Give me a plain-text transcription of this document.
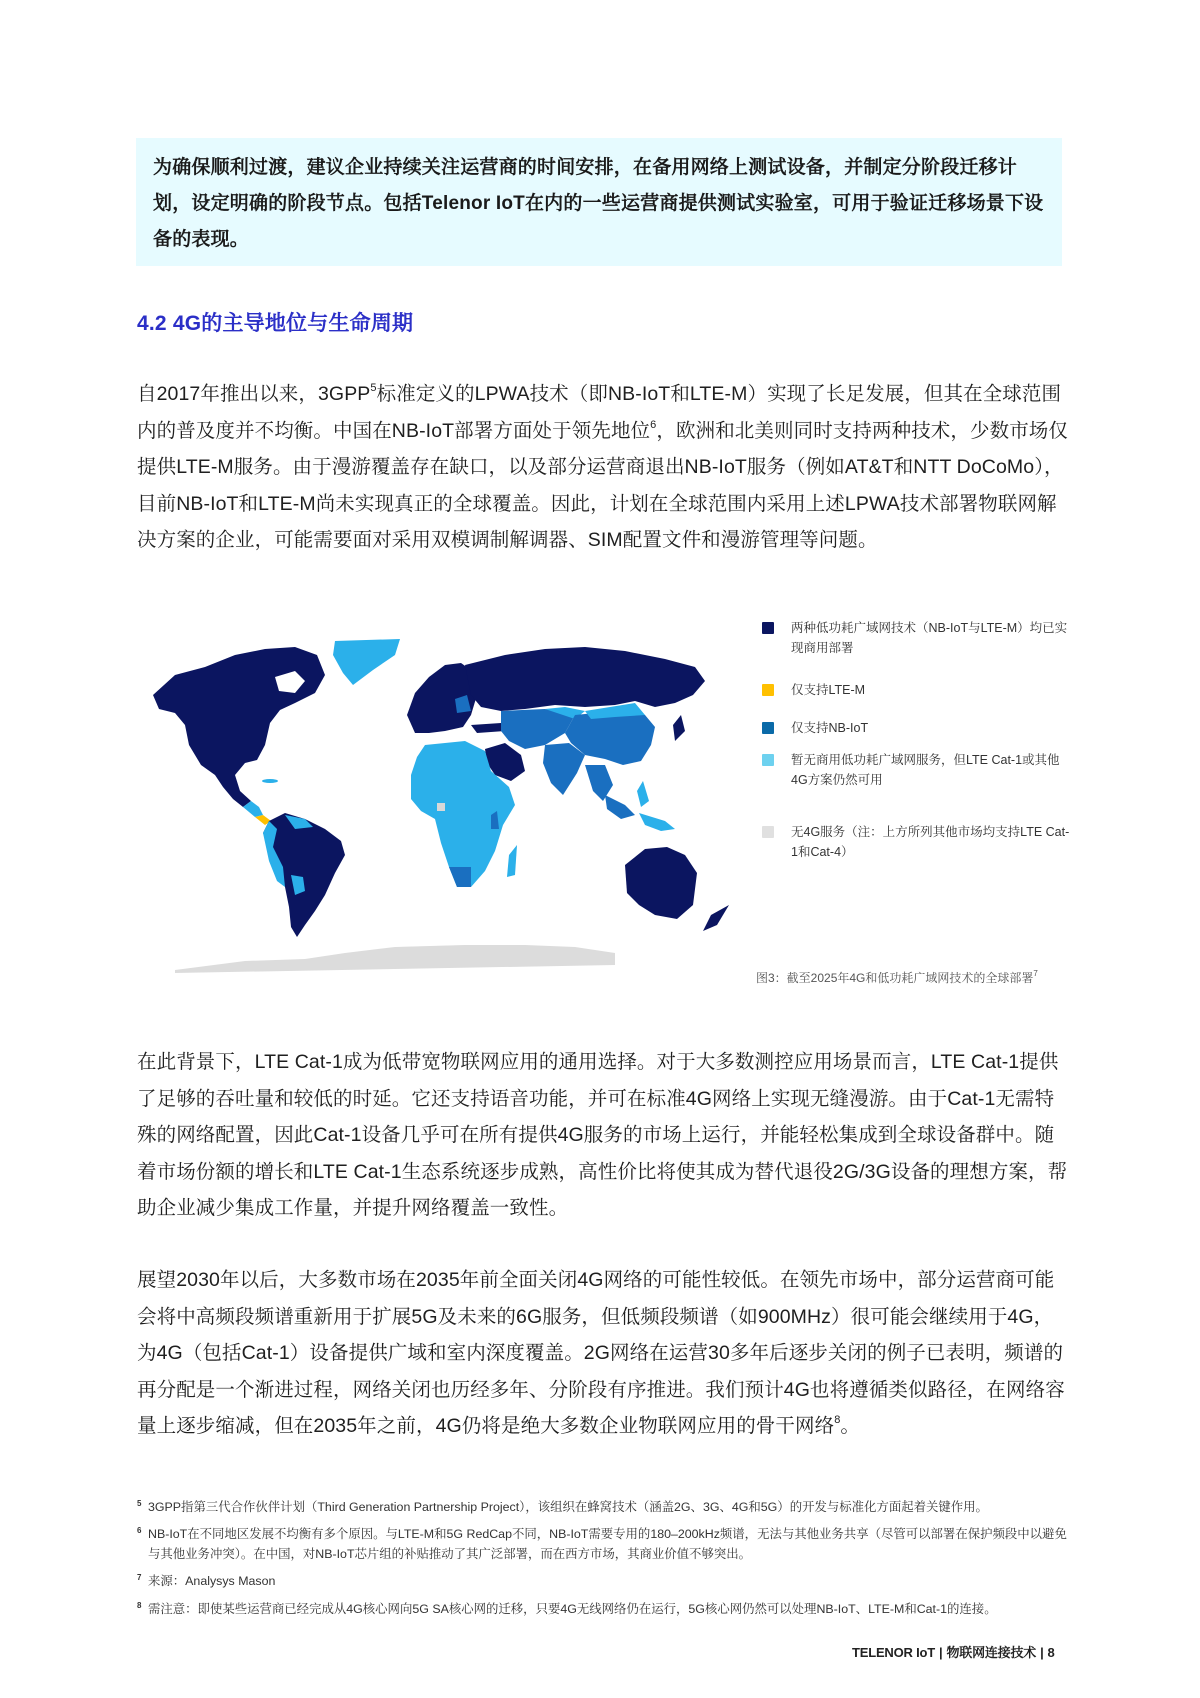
为确保顺利过渡，建议企业持续关注运营商的时间安排，在备用网络上测试设备，并制定分阶段迁移计划，设定明确的阶段节点。包括Telenor IoT在内的一些运营商提供测试实验室，可用于验证迁移场景下设备的表现。

4.2 4G的主导地位与生命周期

自2017年推出以来，3GPP$^5$标准定义的LPWA技术（即NB-IoT和LTE-M）实现了长足发展，但其在全球范围内的普及度并不均衡。中国在NB-IoT部署方面处于领先地位$^6$，欧洲和北美则同时支持两种技术，少数市场仅提供LTE-M服务。由于漫游覆盖存在缺口，以及部分运营商退出NB-IoT服务（例如AT&T和NTT DoCoMo），目前NB-IoT和LTE-M尚未实现真正的全球覆盖。因此，计划在全球范围内采用上述LPWA技术部署物联网解决方案的企业，可能需要面对采用双模调制解调器、SIM配置文件和漫游管理等问题。

两种低功耗广域网技术（NB-IoT与LTE-M）均已实现商用部署
仅支持LTE-M
仅支持NB-IoT
暂无商用低功耗广域网服务，但LTE Cat-1或其他4G方案仍然可用
无4G服务（注：上方所列其他市场均支持LTE Cat-1和Cat-4）
图3：截至2025年4G和低功耗广域网技术的全球部署$^7$

在此背景下，LTE Cat-1成为低带宽物联网应用的通用选择。对于大多数测控应用场景而言，LTE Cat-1提供了足够的吞吐量和较低的时延。它还支持语音功能，并可在标准4G网络上实现无缝漫游。由于Cat-1无需特殊的网络配置，因此Cat-1设备几乎可在所有提供4G服务的市场上运行，并能轻松集成到全球设备群中。随着市场份额的增长和LTE Cat-1生态系统逐步成熟，高性价比将使其成为替代退役2G/3G设备的理想方案，帮助企业减少集成工作量，并提升网络覆盖一致性。

展望2030年以后，大多数市场在2035年前全面关闭4G网络的可能性较低。在领先市场中，部分运营商可能会将中高频段频谱重新用于扩展5G及未来的6G服务，但低频段频谱（如900MHz）很可能会继续用于4G，为4G（包括Cat-1）设备提供广域和室内深度覆盖。2G网络在运营30多年后逐步关闭的例子已表明，频谱的再分配是一个渐进过程，网络关闭也历经多年、分阶段有序推进。我们预计4G也将遵循类似路径，在网络容量上逐步缩减，但在2035年之前，4G仍将是绝大多数企业物联网应用的骨干网络$^8$。

5 3GPP指第三代合作伙伴计划（Third Generation Partnership Project），该组织在蜂窝技术（涵盖2G、3G、4G和5G）的开发与标准化方面起着关键作用。
6 NB-IoT在不同地区发展不均衡有多个原因。与LTE-M和5G RedCap不同，NB-IoT需要专用的180–200kHz频谱，无法与其他业务共享（尽管可以部署在保护频段中以避免与其他业务冲突）。在中国，对NB-IoT芯片组的补贴推动了其广泛部署，而在西方市场，其商业价值不够突出。
7 来源：Analysys Mason
8 需注意：即使某些运营商已经完成从4G核心网向5G SA核心网的迁移，只要4G无线网络仍在运行，5G核心网仍然可以处理NB-IoT、LTE-M和Cat-1的连接。
TELENOR IoT | 物联网连接技术 | 8
